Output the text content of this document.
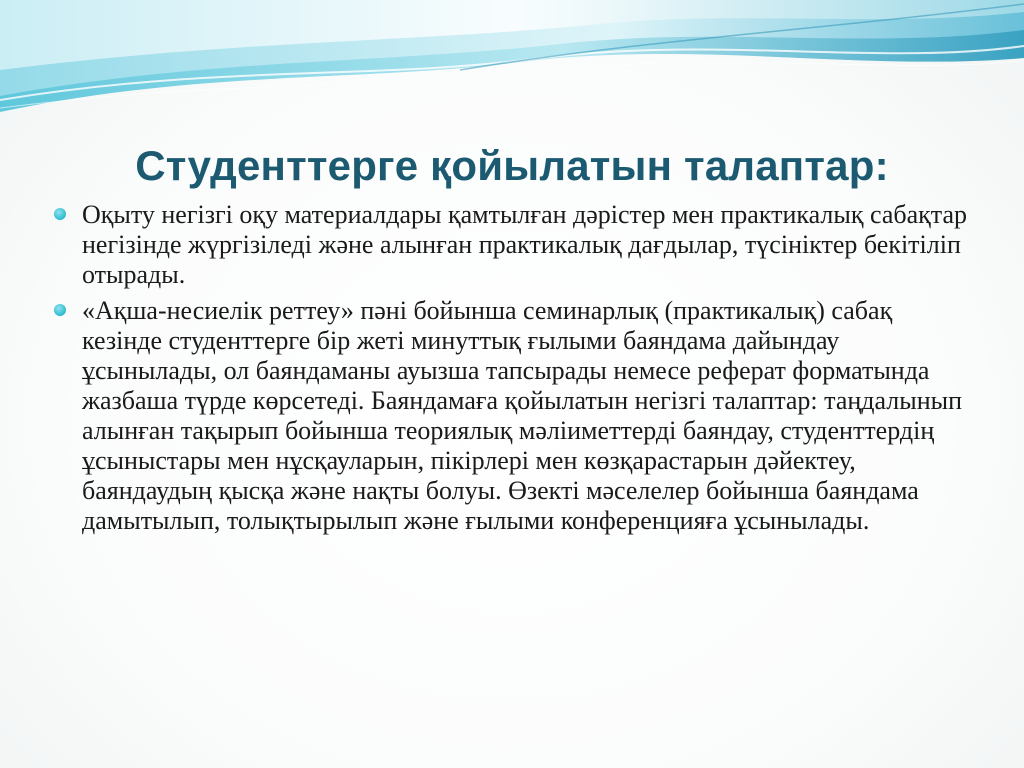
Студенттерге қойылатын талаптар:
Оқыту негізгі оқу материалдары қамтылған дәрістер мен практикалық сабақтар негізінде жүргізіледі және алынған практикалық дағдылар, түсініктер бекітіліп отырады.
«Ақша-несиелік реттеу» пәні бойынша семинарлық (практикалық) сабақ кезінде студенттерге бір жеті минуттық ғылыми баяндама дайындау ұсынылады, ол баяндаманы ауызша тапсырады немесе реферат форматында жазбаша түрде көрсетеді. Баяндамаға қойылатын негізгі талаптар: таңдалынып алынған тақырып бойынша теориялық мәліиметтерді баяндау, студенттердің ұсыныстары мен нұсқауларын, пікірлері мен көзқарастарын дәйектеу, баяндаудың қысқа және нақты болуы. Өзекті мәселелер бойынша баяндама дамытылып, толықтырылып және ғылыми конференцияға ұсынылады.
